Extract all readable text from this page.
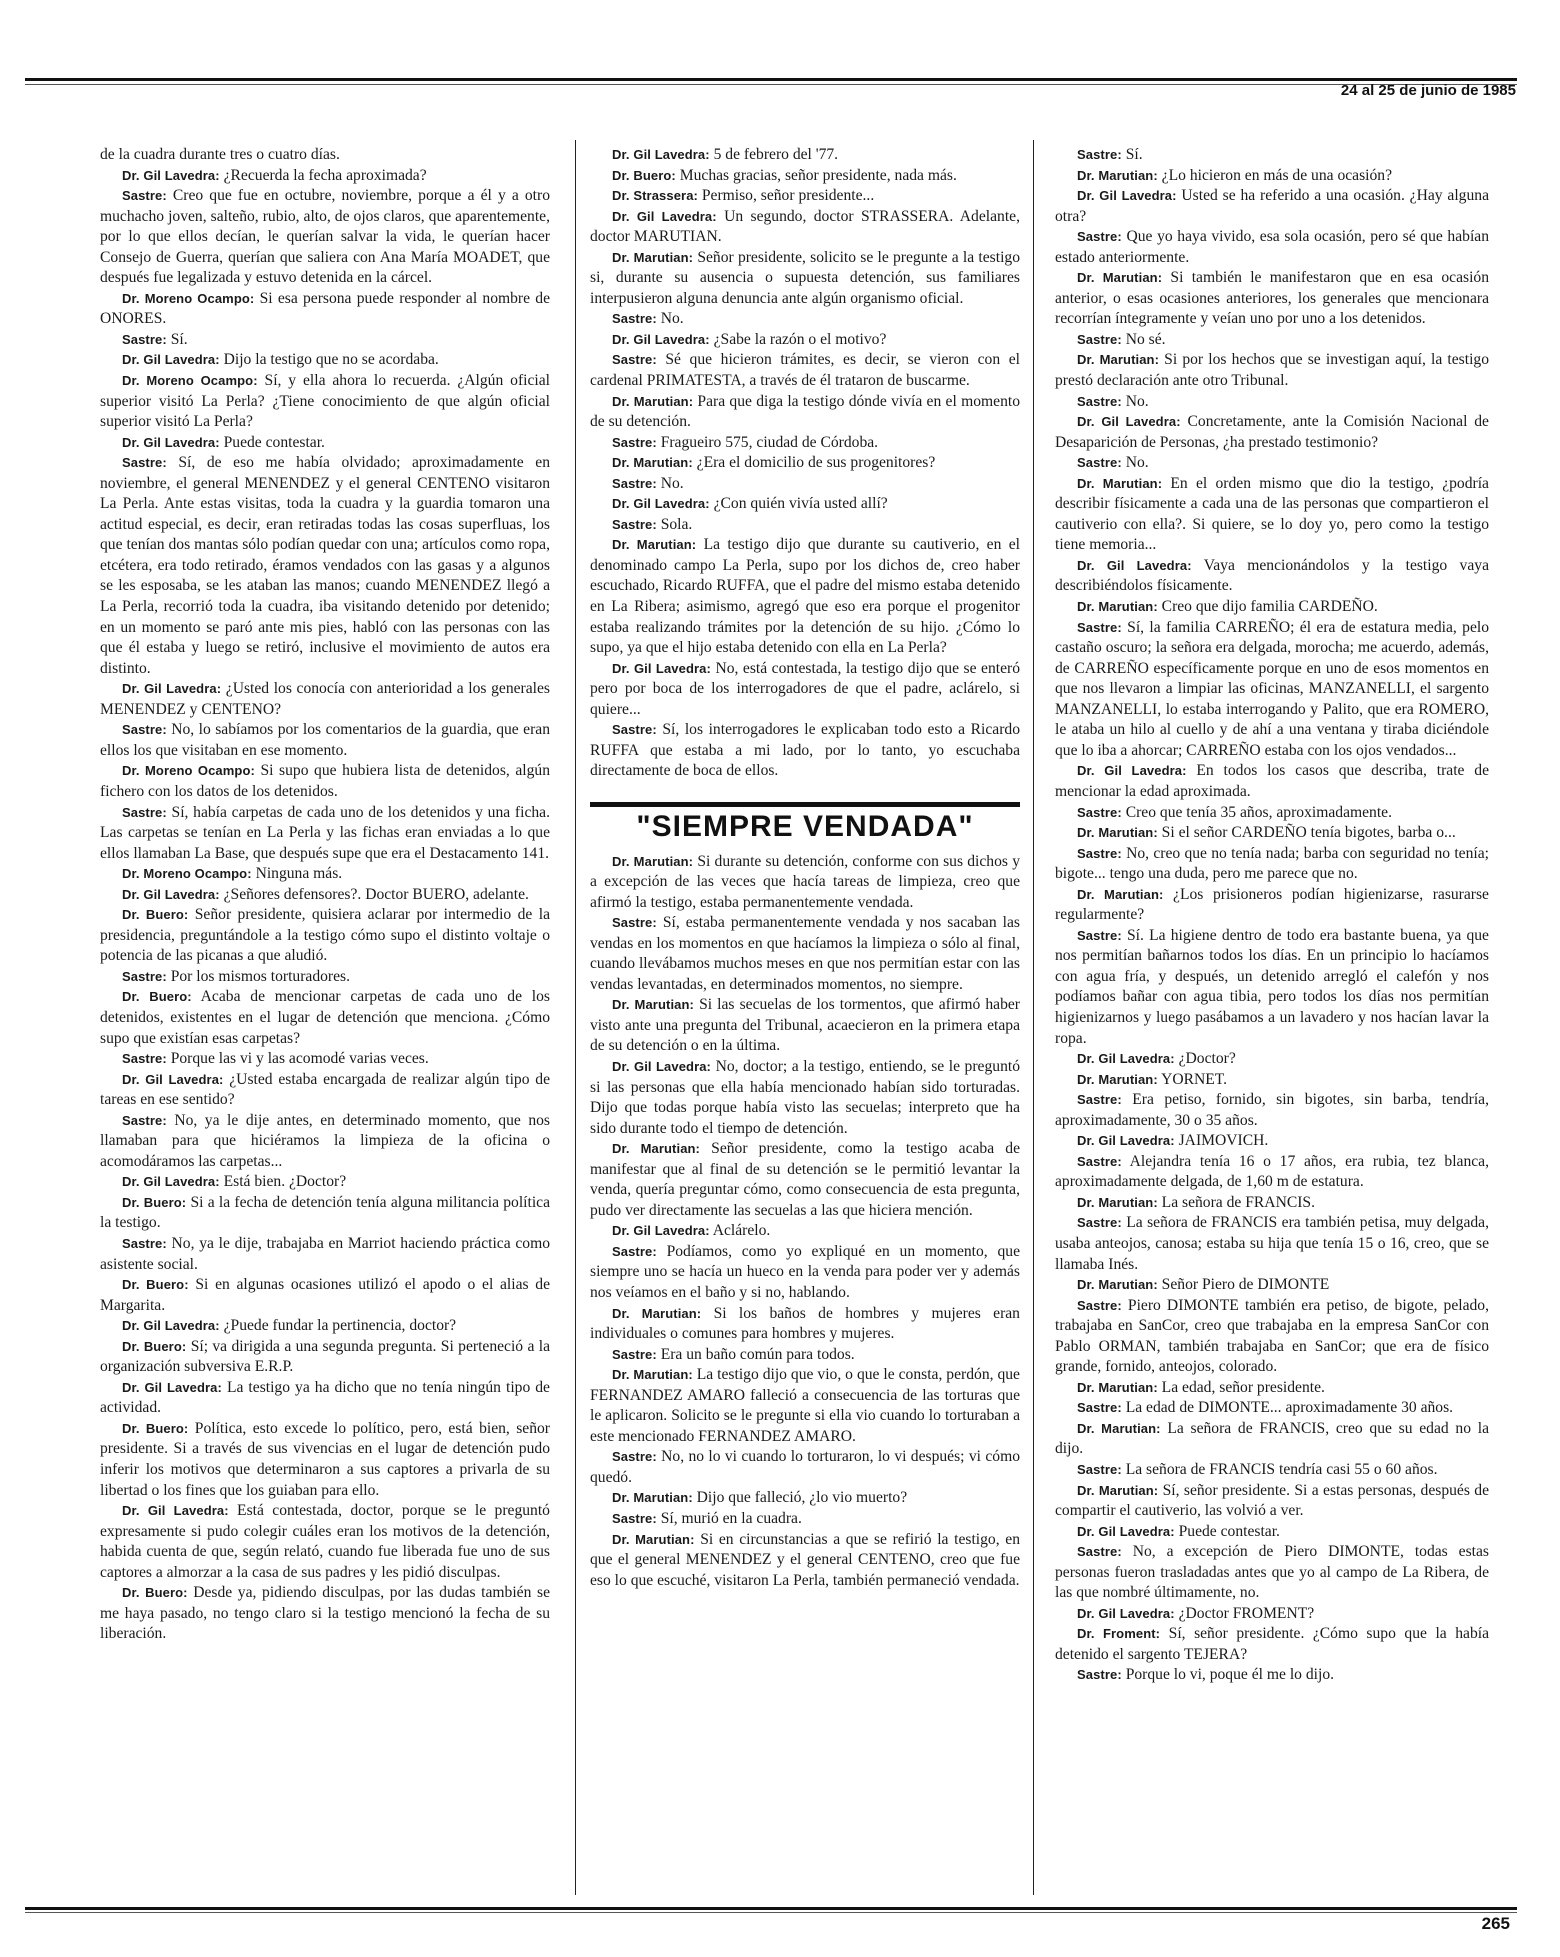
24 al 25 de junio de 1985

de la cuadra durante tres o cuatro días.

Dr. Gil Lavedra: ¿Recuerda la fecha aproximada?

Sastre: Creo que fue en octubre, noviembre, porque a él y a otro muchacho joven, salteño, rubio, alto, de ojos claros, que aparentemente, por lo que ellos decían, le querían salvar la vida, le querían hacer Consejo de Guerra, querían que saliera con Ana María MOADET, que después fue legalizada y estuvo detenida en la cárcel.

Dr. Moreno Ocampo: Si esa persona puede responder al nombre de ONORES.

Sastre: Sí.

Dr. Gil Lavedra: Dijo la testigo que no se acordaba.

Dr. Moreno Ocampo: Sí, y ella ahora lo recuerda. ¿Algún oficial superior visitó La Perla? ¿Tiene conocimiento de que algún oficial superior visitó La Perla?

Dr. Gil Lavedra: Puede contestar.

Sastre: Sí, de eso me había olvidado; aproximadamente en noviembre, el general MENENDEZ y el general CENTENO visitaron La Perla. Ante estas visitas, toda la cuadra y la guardia tomaron una actitud especial, es decir, eran retiradas todas las cosas superfluas, los que tenían dos mantas sólo podían quedar con una; artículos como ropa, etcétera, era todo retirado, éramos vendados con las gasas y a algunos se les esposaba, se les ataban las manos; cuando MENENDEZ llegó a La Perla, recorrió toda la cuadra, iba visitando detenido por detenido; en un momento se paró ante mis pies, habló con las personas con las que él estaba y luego se retiró, inclusive el movimiento de autos era distinto.

Dr. Gil Lavedra: ¿Usted los conocía con anterioridad a los generales MENENDEZ y CENTENO?

Sastre: No, lo sabíamos por los comentarios de la guardia, que eran ellos los que visitaban en ese momento.

Dr. Moreno Ocampo: Si supo que hubiera lista de detenidos, algún fichero con los datos de los detenidos.

Sastre: Sí, había carpetas de cada uno de los detenidos y una ficha. Las carpetas se tenían en La Perla y las fichas eran enviadas a lo que ellos llamaban La Base, que después supe que era el Destacamento 141.

Dr. Moreno Ocampo: Ninguna más.

Dr. Gil Lavedra: ¿Señores defensores?. Doctor BUERO, adelante.

Dr. Buero: Señor presidente, quisiera aclarar por intermedio de la presidencia, preguntándole a la testigo cómo supo el distinto voltaje o potencia de las picanas a que aludió.

Sastre: Por los mismos torturadores.

Dr. Buero: Acaba de mencionar carpetas de cada uno de los detenidos, existentes en el lugar de detención que menciona. ¿Cómo supo que existían esas carpetas?

Sastre: Porque las vi y las acomodé varias veces.

Dr. Gil Lavedra: ¿Usted estaba encargada de realizar algún tipo de tareas en ese sentido?

Sastre: No, ya le dije antes, en determinado momento, que nos llamaban para que hiciéramos la limpieza de la oficina o acomodáramos las carpetas...

Dr. Gil Lavedra: Está bien. ¿Doctor?

Dr. Buero: Si a la fecha de detención tenía alguna militancia política la testigo.

Sastre: No, ya le dije, trabajaba en Marriot haciendo práctica como asistente social.

Dr. Buero: Si en algunas ocasiones utilizó el apodo o el alias de Margarita.

Dr. Gil Lavedra: ¿Puede fundar la pertinencia, doctor?

Dr. Buero: Sí; va dirigida a una segunda pregunta. Si perteneció a la organización subversiva E.R.P.

Dr. Gil Lavedra: La testigo ya ha dicho que no tenía ningún tipo de actividad.

Dr. Buero: Política, esto excede lo político, pero, está bien, señor presidente. Si a través de sus vivencias en el lugar de detención pudo inferir los motivos que determinaron a sus captores a privarla de su libertad o los fines que los guiaban para ello.

Dr. Gil Lavedra: Está contestada, doctor, porque se le preguntó expresamente si pudo colegir cuáles eran los motivos de la detención, habida cuenta de que, según relató, cuando fue liberada fue uno de sus captores a almorzar a la casa de sus padres y les pidió disculpas.

Dr. Buero: Desde ya, pidiendo disculpas, por las dudas también se me haya pasado, no tengo claro si la testigo mencionó la fecha de su liberación.

Dr. Gil Lavedra: 5 de febrero del '77.

Dr. Buero: Muchas gracias, señor presidente, nada más.

Dr. Strassera: Permiso, señor presidente...

Dr. Gil Lavedra: Un segundo, doctor STRASSERA. Adelante, doctor MARUTIAN.

Dr. Marutian: Señor presidente, solicito se le pregunte a la testigo si, durante su ausencia o supuesta detención, sus familiares interpusieron alguna denuncia ante algún organismo oficial.

Sastre: No.

Dr. Gil Lavedra: ¿Sabe la razón o el motivo?

Sastre: Sé que hicieron trámites, es decir, se vieron con el cardenal PRIMATESTA, a través de él trataron de buscarme.

Dr. Marutian: Para que diga la testigo dónde vivía en el momento de su detención.

Sastre: Fragueiro 575, ciudad de Córdoba.

Dr. Marutian: ¿Era el domicilio de sus progenitores?

Sastre: No.

Dr. Gil Lavedra: ¿Con quién vivía usted allí?

Sastre: Sola.

Dr. Marutian: La testigo dijo que durante su cautiverio, en el denominado campo La Perla, supo por los dichos de, creo haber escuchado, Ricardo RUFFA, que el padre del mismo estaba detenido en La Ribera; asimismo, agregó que eso era porque el progenitor estaba realizando trámites por la detención de su hijo. ¿Cómo lo supo, ya que el hijo estaba detenido con ella en La Perla?

Dr. Gil Lavedra: No, está contestada, la testigo dijo que se enteró pero por boca de los interrogadores de que el padre, aclárelo, si quiere...

Sastre: Sí, los interrogadores le explicaban todo esto a Ricardo RUFFA que estaba a mi lado, por lo tanto, yo escuchaba directamente de boca de ellos.

"SIEMPRE VENDADA"

Dr. Marutian: Si durante su detención, conforme con sus dichos y a excepción de las veces que hacía tareas de limpieza, creo que afirmó la testigo, estaba permanentemente vendada.

Sastre: Sí, estaba permanentemente vendada y nos sacaban las vendas en los momentos en que hacíamos la limpieza o sólo al final, cuando llevábamos muchos meses en que nos permitían estar con las vendas levantadas, en determinados momentos, no siempre.

Dr. Marutian: Si las secuelas de los tormentos, que afirmó haber visto ante una pregunta del Tribunal, acaecieron en la primera etapa de su detención o en la última.

Dr. Gil Lavedra: No, doctor; a la testigo, entiendo, se le preguntó si las personas que ella había mencionado habían sido torturadas. Dijo que todas porque había visto las secuelas; interpreto que ha sido durante todo el tiempo de detención.

Dr. Marutian: Señor presidente, como la testigo acaba de manifestar que al final de su detención se le permitió levantar la venda, quería preguntar cómo, como consecuencia de esta pregunta, pudo ver directamente las secuelas a las que hiciera mención.

Dr. Gil Lavedra: Aclárelo.

Sastre: Podíamos, como yo expliqué en un momento, que siempre uno se hacía un hueco en la venda para poder ver y además nos veíamos en el baño y si no, hablando.

Dr. Marutian: Si los baños de hombres y mujeres eran individuales o comunes para hombres y mujeres.

Sastre: Era un baño común para todos.

Dr. Marutian: La testigo dijo que vio, o que le consta, perdón, que FERNANDEZ AMARO falleció a consecuencia de las torturas que le aplicaron. Solicito se le pregunte si ella vio cuando lo torturaban a este mencionado FERNANDEZ AMARO.

Sastre: No, no lo vi cuando lo torturaron, lo vi después; vi cómo quedó.

Dr. Marutian: Dijo que falleció, ¿lo vio muerto?

Sastre: Sí, murió en la cuadra.

Dr. Marutian: Si en circunstancias a que se refirió la testigo, en que el general MENENDEZ y el general CENTENO, creo que fue eso lo que escuché, visitaron La Perla, también permaneció vendada.

Sastre: Sí.

Dr. Marutian: ¿Lo hicieron en más de una ocasión?

Dr. Gil Lavedra: Usted se ha referido a una ocasión. ¿Hay alguna otra?

Sastre: Que yo haya vivido, esa sola ocasión, pero sé que habían estado anteriormente.

Dr. Marutian: Si también le manifestaron que en esa ocasión anterior, o esas ocasiones anteriores, los generales que mencionara recorrían íntegramente y veían uno por uno a los detenidos.

Sastre: No sé.

Dr. Marutian: Si por los hechos que se investigan aquí, la testigo prestó declaración ante otro Tribunal.

Sastre: No.

Dr. Gil Lavedra: Concretamente, ante la Comisión Nacional de Desaparición de Personas, ¿ha prestado testimonio?

Sastre: No.

Dr. Marutian: En el orden mismo que dio la testigo, ¿podría describir físicamente a cada una de las personas que compartieron el cautiverio con ella?. Si quiere, se lo doy yo, pero como la testigo tiene memoria...

Dr. Gil Lavedra: Vaya mencionándolos y la testigo vaya describiéndolos físicamente.

Dr. Marutian: Creo que dijo familia CARDEÑO.

Sastre: Sí, la familia CARREÑO; él era de estatura media, pelo castaño oscuro; la señora era delgada, morocha; me acuerdo, además, de CARREÑO específicamente porque en uno de esos momentos en que nos llevaron a limpiar las oficinas, MANZANELLI, el sargento MANZANELLI, lo estaba interrogando y Palito, que era ROMERO, le ataba un hilo al cuello y de ahí a una ventana y tiraba diciéndole que lo iba a ahorcar; CARREÑO estaba con los ojos vendados...

Dr. Gil Lavedra: En todos los casos que describa, trate de mencionar la edad aproximada.

Sastre: Creo que tenía 35 años, aproximadamente.

Dr. Marutian: Si el señor CARDEÑO tenía bigotes, barba o...

Sastre: No, creo que no tenía nada; barba con seguridad no tenía; bigote... tengo una duda, pero me parece que no.

Dr. Marutian: ¿Los prisioneros podían higienizarse, rasurarse regularmente?

Sastre: Sí. La higiene dentro de todo era bastante buena, ya que nos permitían bañarnos todos los días. En un principio lo hacíamos con agua fría, y después, un detenido arregló el calefón y nos podíamos bañar con agua tibia, pero todos los días nos permitían higienizarnos y luego pasábamos a un lavadero y nos hacían lavar la ropa.

Dr. Gil Lavedra: ¿Doctor?

Dr. Marutian: YORNET.

Sastre: Era petiso, fornido, sin bigotes, sin barba, tendría, aproximadamente, 30 o 35 años.

Dr. Gil Lavedra: JAIMOVICH.

Sastre: Alejandra tenía 16 o 17 años, era rubia, tez blanca, aproximadamente delgada, de 1,60 m de estatura.

Dr. Marutian: La señora de FRANCIS.

Sastre: La señora de FRANCIS era también petisa, muy delgada, usaba anteojos, canosa; estaba su hija que tenía 15 o 16, creo, que se llamaba Inés.

Dr. Marutian: Señor Piero de DIMONTE

Sastre: Piero DIMONTE también era petiso, de bigote, pelado, trabajaba en SanCor, creo que trabajaba en la empresa SanCor con Pablo ORMAN, también trabajaba en SanCor; que era de físico grande, fornido, anteojos, colorado.

Dr. Marutian: La edad, señor presidente.

Sastre: La edad de DIMONTE... aproximadamente 30 años.

Dr. Marutian: La señora de FRANCIS, creo que su edad no la dijo.

Sastre: La señora de FRANCIS tendría casi 55 o 60 años.

Dr. Marutian: Sí, señor presidente. Si a estas personas, después de compartir el cautiverio, las volvió a ver.

Dr. Gil Lavedra: Puede contestar.

Sastre: No, a excepción de Piero DIMONTE, todas estas personas fueron trasladadas antes que yo al campo de La Ribera, de las que nombré últimamente, no.

Dr. Gil Lavedra: ¿Doctor FROMENT?

Dr. Froment: Sí, señor presidente. ¿Cómo supo que la había detenido el sargento TEJERA?

Sastre: Porque lo vi, poque él me lo dijo.

265
